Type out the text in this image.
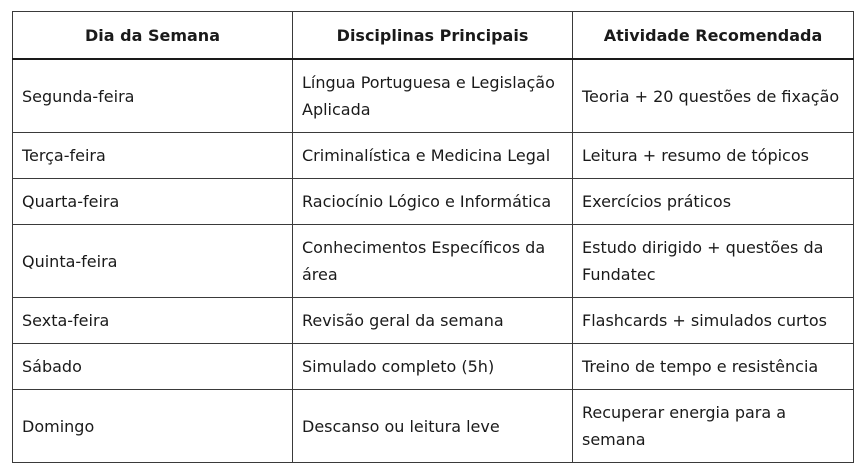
Dia da Semana	Disciplinas Principais	Atividade Recomendada
Segunda-feira	Língua Portuguesa e Legislação Aplicada	Teoria + 20 questões de fixação
Terça-feira	Criminalística e Medicina Legal	Leitura + resumo de tópicos
Quarta-feira	Raciocínio Lógico e Informática	Exercícios práticos
Quinta-feira	Conhecimentos Específicos da área	Estudo dirigido + questões da Fundatec
Sexta-feira	Revisão geral da semana	Flashcards + simulados curtos
Sábado	Simulado completo (5h)	Treino de tempo e resistência
Domingo	Descanso ou leitura leve	Recuperar energia para a semana
